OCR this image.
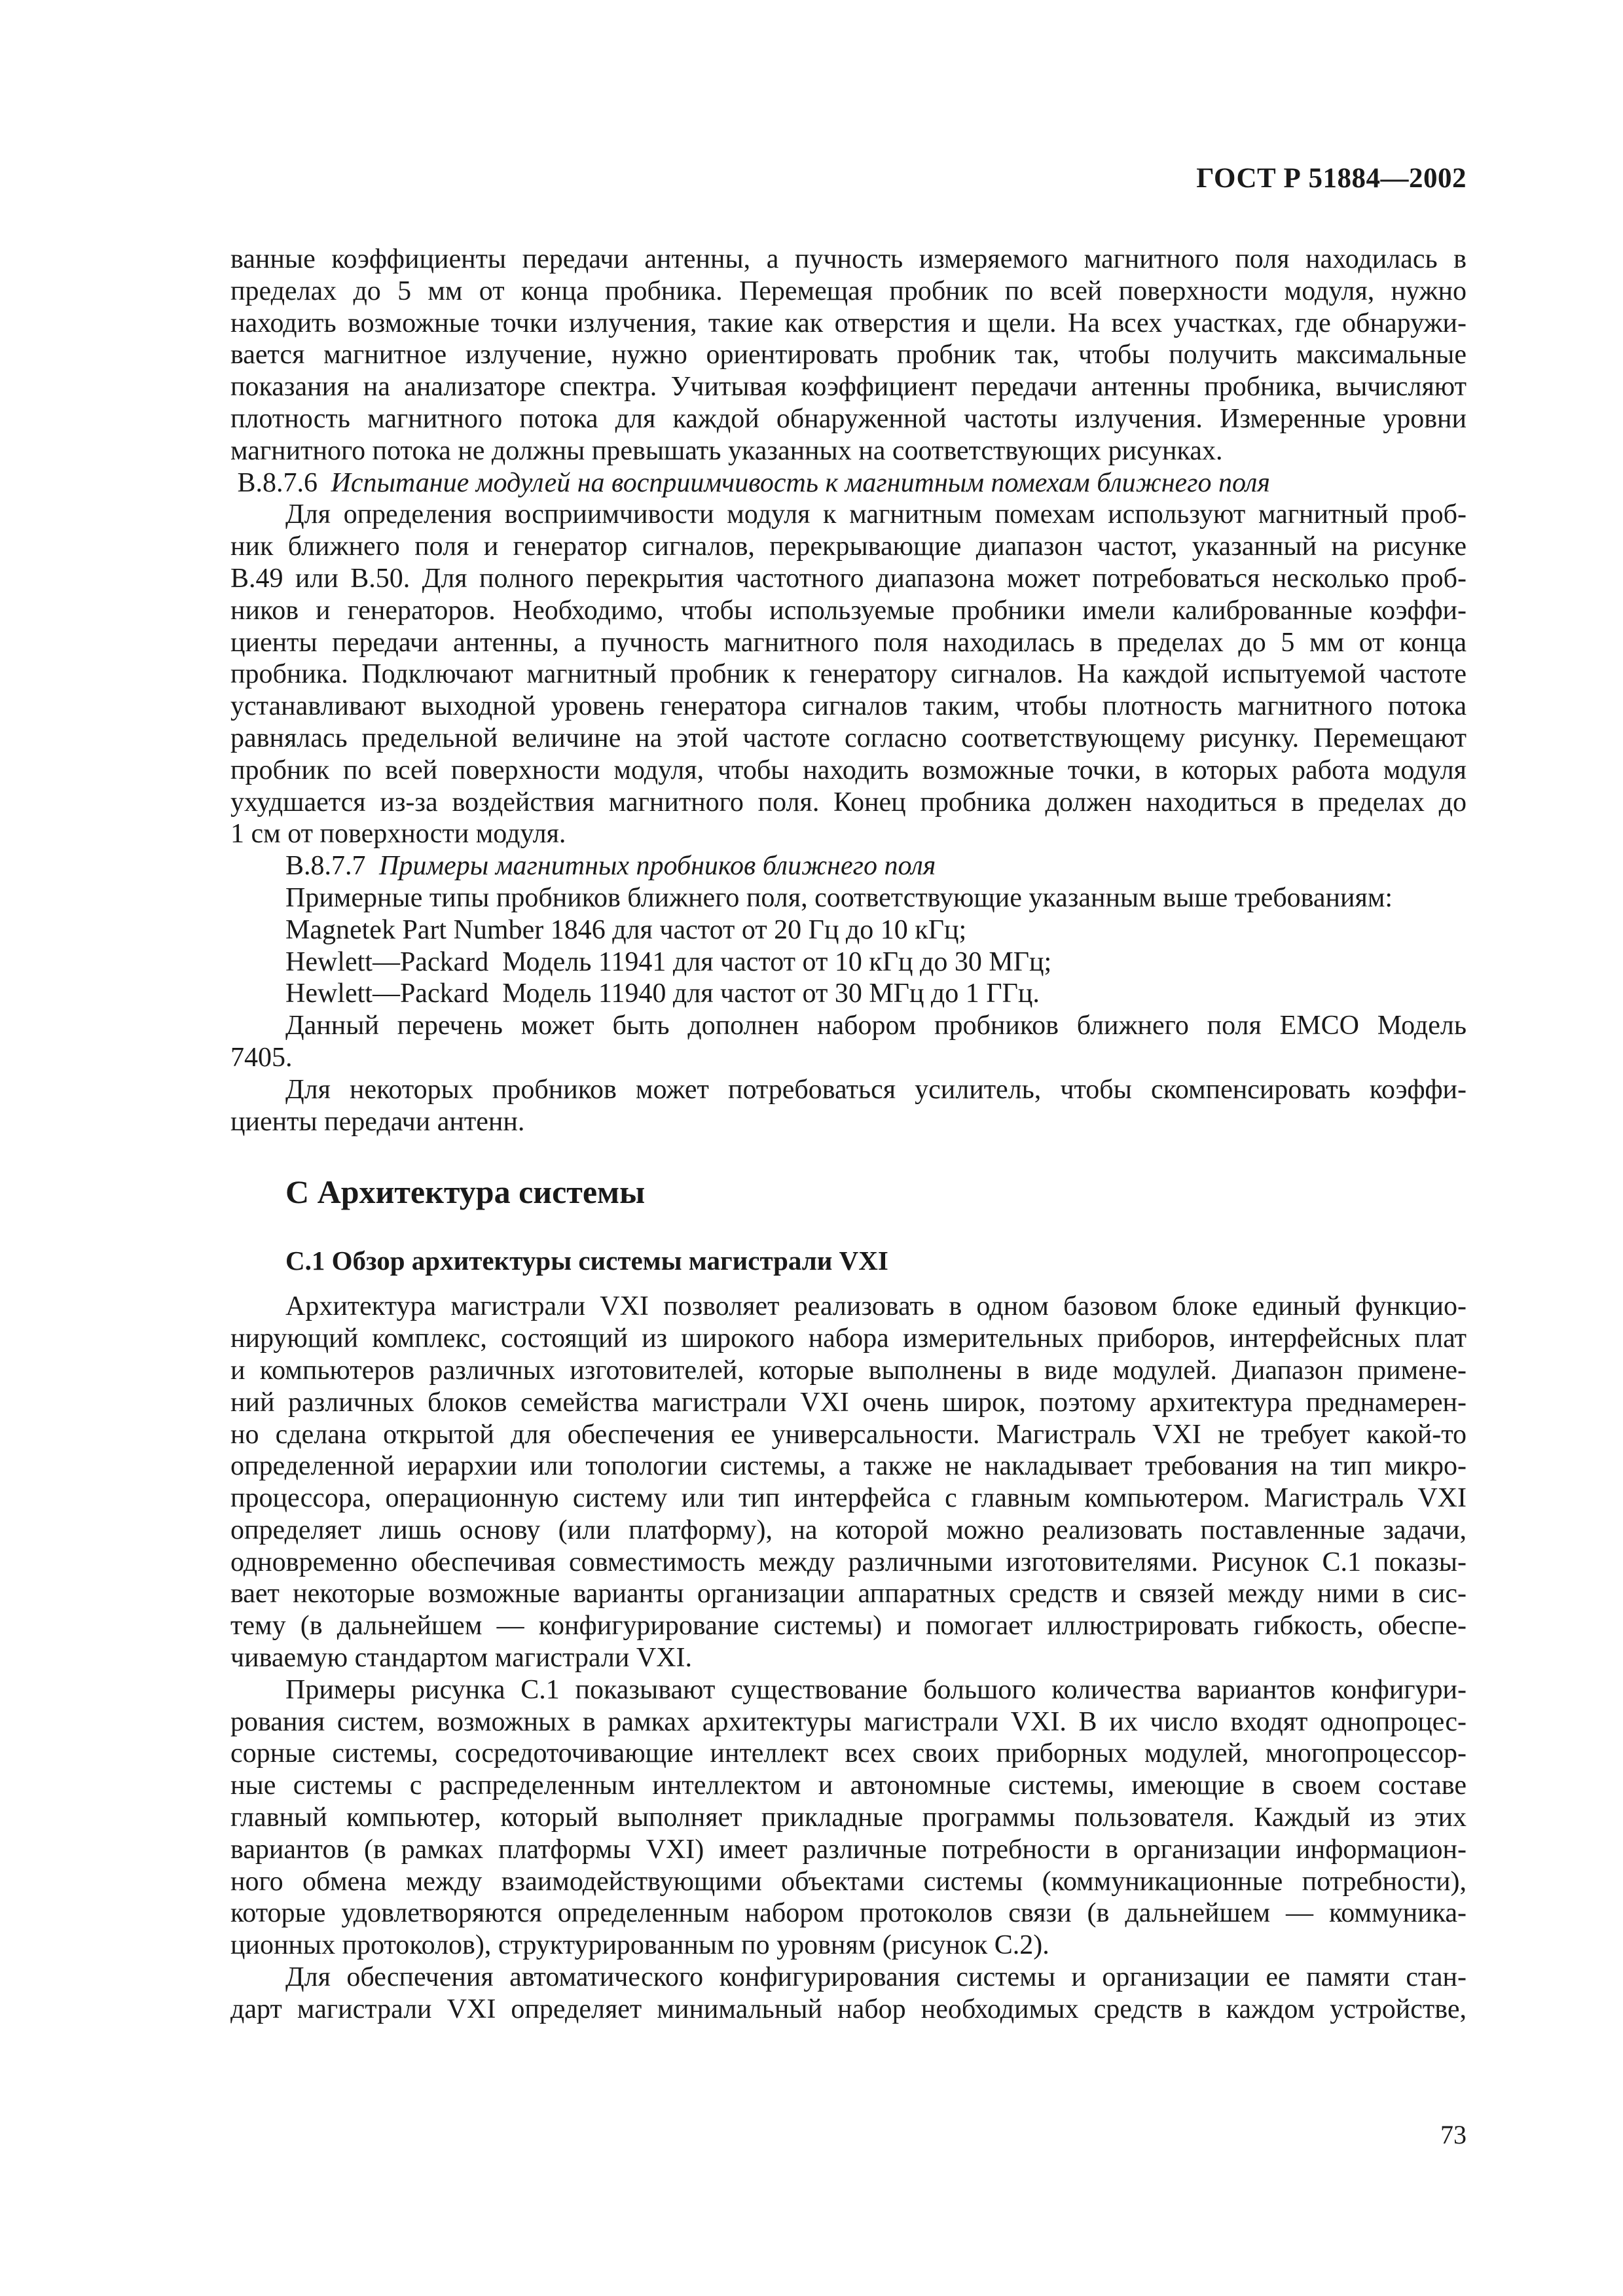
ГОСТ Р 51884—2002
ванные коэффициенты передачи антенны, а пучность измеряемого магнитного поля находилась в
пределах до 5 мм от конца пробника. Перемещая пробник по всей поверхности модуля, нужно
находить возможные точки излучения, такие как отверстия и щели. На всех участках, где обнаружи-
вается магнитное излучение, нужно ориентировать пробник так, чтобы получить максимальные
показания на анализаторе спектра. Учитывая коэффициент передачи антенны пробника, вычисляют
плотность магнитного потока для каждой обнаруженной частоты излучения. Измеренные уровни
магнитного потока не должны превышать указанных на соответствующих рисунках.
В.8.7.6 Испытание модулей на восприимчивость к магнитным помехам ближнего поля
Для определения восприимчивости модуля к магнитным помехам используют магнитный проб-
ник ближнего поля и генератор сигналов, перекрывающие диапазон частот, указанный на рисунке
В.49 или В.50. Для полного перекрытия частотного диапазона может потребоваться несколько проб-
ников и генераторов. Необходимо, чтобы используемые пробники имели калиброванные коэффи-
циенты передачи антенны, а пучность магнитного поля находилась в пределах до 5 мм от конца
пробника. Подключают магнитный пробник к генератору сигналов. На каждой испытуемой частоте
устанавливают выходной уровень генератора сигналов таким, чтобы плотность магнитного потока
равнялась предельной величине на этой частоте согласно соответствующему рисунку. Перемещают
пробник по всей поверхности модуля, чтобы находить возможные точки, в которых работа модуля
ухудшается из-за воздействия магнитного поля. Конец пробника должен находиться в пределах до
1 см от поверхности модуля.
В.8.7.7 Примеры магнитных пробников ближнего поля
Примерные типы пробников ближнего поля, соответствующие указанным выше требованиям:
Magnetek Part Number 1846 для частот от 20 Гц до 10 кГц;
Hewlett—Packard  Модель 11941 для частот от 10 кГц до 30 МГц;
Hewlett—Packard  Модель 11940 для частот от 30 МГц до 1 ГГц.
Данный перечень может быть дополнен набором пробников ближнего поля EMCO Модель
7405.
Для некоторых пробников может потребоваться усилитель, чтобы скомпенсировать коэффи-
циенты передачи антенн.
С Архитектура системы
С.1 Обзор архитектуры системы магистрали VXI
Архитектура магистрали VXI позволяет реализовать в одном базовом блоке единый функцио-
нирующий комплекс, состоящий из широкого набора измерительных приборов, интерфейсных плат
и компьютеров различных изготовителей, которые выполнены в виде модулей. Диапазон примене-
ний различных блоков семейства магистрали VXI очень широк, поэтому архитектура преднамерен-
но сделана открытой для обеспечения ее универсальности. Магистраль VXI не требует какой-то
определенной иерархии или топологии системы, а также не накладывает требования на тип микро-
процессора, операционную систему или тип интерфейса с главным компьютером. Магистраль VXI
определяет лишь основу (или платформу), на которой можно реализовать поставленные задачи,
одновременно обеспечивая совместимость между различными изготовителями. Рисунок С.1 показы-
вает некоторые возможные варианты организации аппаратных средств и связей между ними в сис-
тему (в дальнейшем — конфигурирование системы) и помогает иллюстрировать гибкость, обеспе-
чиваемую стандартом магистрали VXI.
Примеры рисунка С.1 показывают существование большого количества вариантов конфигури-
рования систем, возможных в рамках архитектуры магистрали VXI. В их число входят однопроцес-
сорные системы, сосредоточивающие интеллект всех своих приборных модулей, многопроцессор-
ные системы с распределенным интеллектом и автономные системы, имеющие в своем составе
главный компьютер, который выполняет прикладные программы пользователя. Каждый из этих
вариантов (в рамках платформы VXI) имеет различные потребности в организации информацион-
ного обмена между взаимодействующими объектами системы (коммуникационные потребности),
которые удовлетворяются определенным набором протоколов связи (в дальнейшем — коммуника-
ционных протоколов), структурированным по уровням (рисунок С.2).
Для обеспечения автоматического конфигурирования системы и организации ее памяти стан-
дарт магистрали VXI определяет минимальный набор необходимых средств в каждом устройстве,
73
